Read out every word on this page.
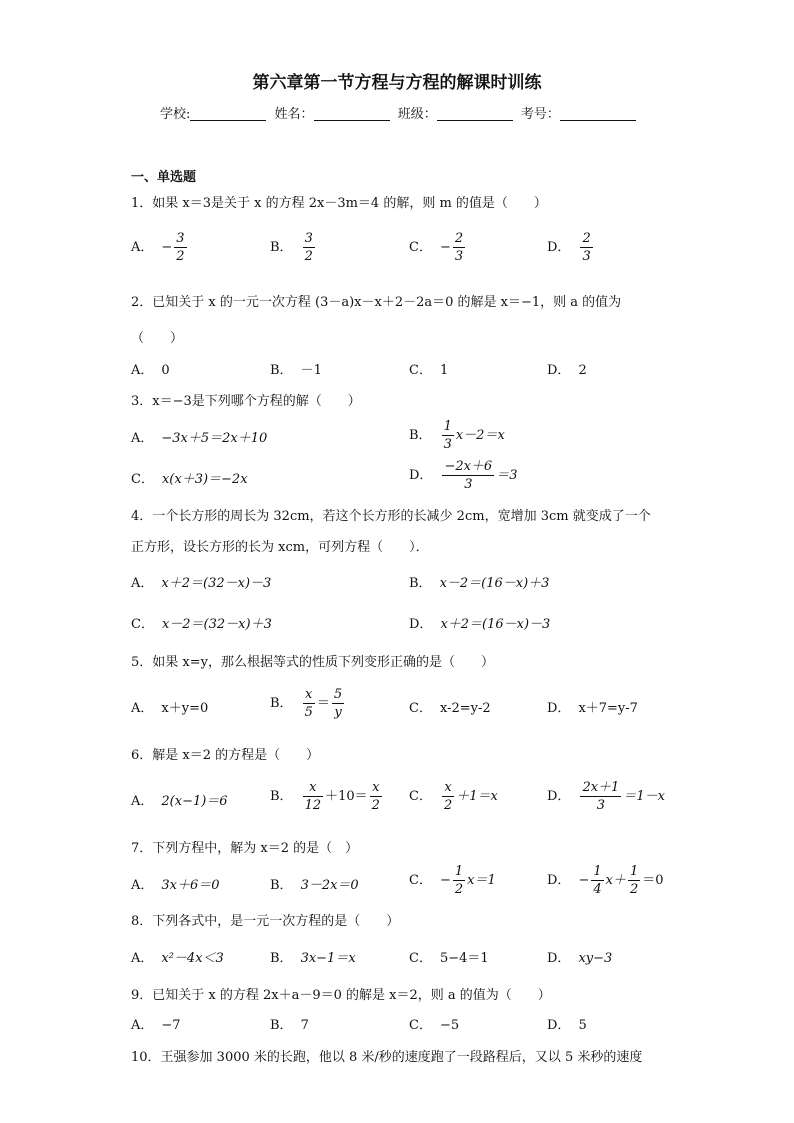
第六章第一节方程与方程的解课时训练
学校:	姓名：	班级：	考号：
一、单选题
1．如果 x＝3是关于 x 的方程 2x－3m＝4 的解，则 m 的值是（　　）
A． − $\frac{3}{2}$	B． $\frac{3}{2}$	C． − $\frac{2}{3}$	D． $\frac{2}{3}$
2．已知关于 x 的一元一次方程 (3－a)x－x＋2－2a＝0 的解是 x＝−1，则 a 的值为
（　　）
A． 0	B． －1	C． 1	D． 2
3．x＝−3是下列哪个方程的解（　　）
A． −3x＋5＝2x＋10	B． $\frac{1}{3} x-2=x$
C． x(x＋3)＝−2x	D． $\frac{-2x+6}{3} =3$
4．一个长方形的周长为 32cm，若这个长方形的长减少 2cm，宽增加 3cm 就变成了一个
正方形，设长方形的长为 xcm，可列方程（　　）．
A． x＋2＝(32－x)－3	B． x－2＝(16－x)＋3
C． x－2＝(32－x)＋3	D． x＋2＝(16－x)－3
5．如果 x=y，那么根据等式的性质下列变形正确的是（　　）
A． x＋y=0	B． $\frac{x}{5} = \frac{5}{y}$	C． x-2=y-2	D． x＋7=y-7
6．解是 x＝2 的方程是（　　）
A． 2(x−1)＝6	B． $\frac{x}{12} +10= \frac{x}{2}$ C． $\frac{x}{2} +1=x$	D． $\frac{2x+1}{3} =1-x$
7．下列方程中，解为 x＝2 的是（　）
A． 3x＋6＝0	B． 3－2x＝0	C． − $\frac{1}{2} x=1$	D． − $\frac{1}{4} x+ \frac{1}{2} =0$
8．下列各式中，是一元一次方程的是（　　）
A． x²－4x＜3	B． 3x−1＝x	C． 5−4＝1	D． xy−3
9．已知关于 x 的方程 2x＋a－9＝0 的解是 x＝2，则 a 的值为（　　）
A． −7	B． 7	C． −5	D． 5
10．王强参加 3000 米的长跑，他以 8 米/秒的速度跑了一段路程后，又以 5 米秒的速度
